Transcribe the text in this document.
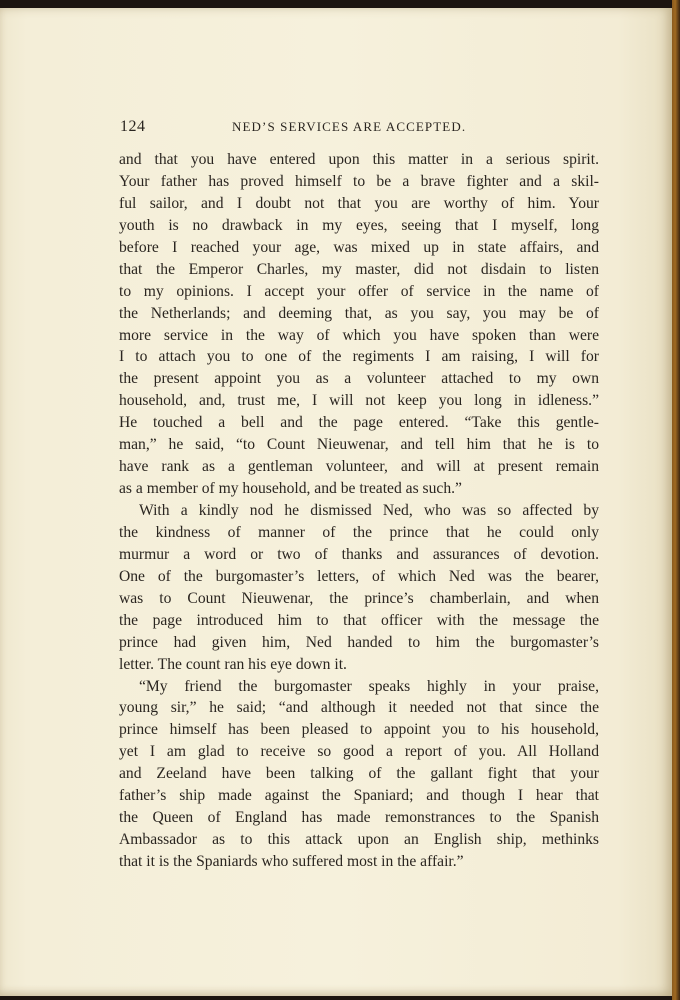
124	NED’S SERVICES ARE ACCEPTED.
and that you have entered upon this matter in a serious spirit.
Your father has proved himself to be a brave fighter and a skil-
ful sailor, and I doubt not that you are worthy of him. Your
youth is no drawback in my eyes, seeing that I myself, long
before I reached your age, was mixed up in state affairs, and
that the Emperor Charles, my master, did not disdain to listen
to my opinions. I accept your offer of service in the name of
the Netherlands; and deeming that, as you say, you may be of
more service in the way of which you have spoken than were
I to attach you to one of the regiments I am raising, I will for
the present appoint you as a volunteer attached to my own
household, and, trust me, I will not keep you long in idleness.”
He touched a bell and the page entered. “Take this gentle-
man,” he said, “to Count Nieuwenar, and tell him that he is to
have rank as a gentleman volunteer, and will at present remain
as a member of my household, and be treated as such.”
With a kindly nod he dismissed Ned, who was so affected by
the kindness of manner of the prince that he could only
murmur a word or two of thanks and assurances of devotion.
One of the burgomaster’s letters, of which Ned was the bearer,
was to Count Nieuwenar, the prince’s chamberlain, and when
the page introduced him to that officer with the message the
prince had given him, Ned handed to him the burgomaster’s
letter. The count ran his eye down it.
“My friend the burgomaster speaks highly in your praise,
young sir,” he said; “and although it needed not that since the
prince himself has been pleased to appoint you to his household,
yet I am glad to receive so good a report of you. All Holland
and Zeeland have been talking of the gallant fight that your
father’s ship made against the Spaniard; and though I hear that
the Queen of England has made remonstrances to the Spanish
Ambassador as to this attack upon an English ship, methinks
that it is the Spaniards who suffered most in the affair.”
